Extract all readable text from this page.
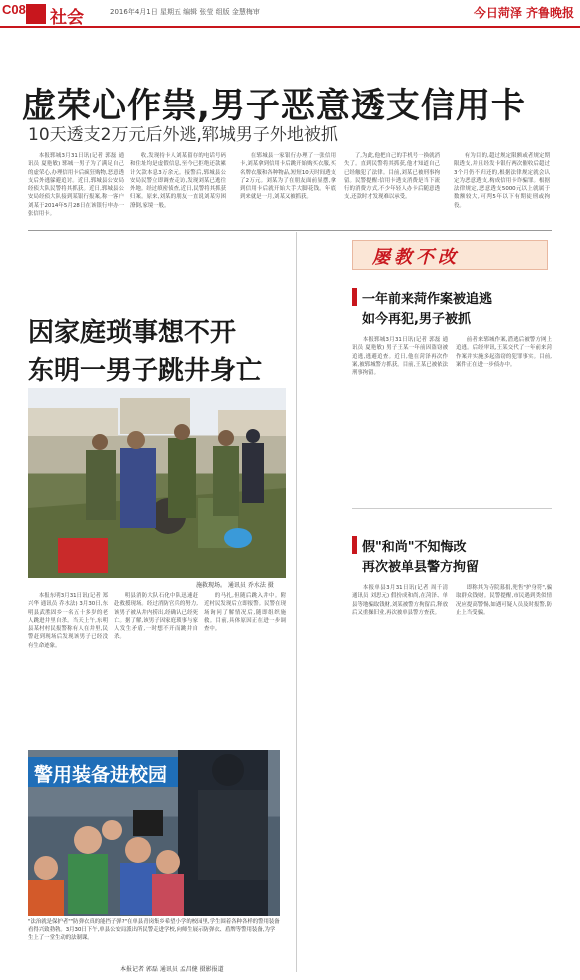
C08 社会	2016年4月1日 星期五 编辑 张莹 组版 金慧梅审	今日菏泽 齐鲁晚报
虚荣心作祟,男子恶意透支信用卡
10天透支2万元后外逃,郓城男子外地被抓

本报郓城3月31日讯(记者 郭磊 通讯员 夏艳敏) 郓城一男子为了满足自己的虚荣心,办理信用卡后疯狂购物,恶意透支后外逃躲避追讨。近日,郓城县公安局经侦大队民警将其抓获。近日,郓城县公安局经侦大队接到某银行报案,称一客户刘某于2014年5月28日在该银行申办一张信用卡。

收,发现持卡人刘某留存的电话号码和住址均是虚假信息,至今已拒绝还款累计欠款本息3万余元。接警后,郓城县公安局民警立即调查走访,发现刘某已逃往外地。经过缜密侦查,近日,民警将其抓获归案。原来,刘某的朋友一直说刘某穷困潦倒,家境一般。

在郓城县一家银行办理了一张信用卡,刘某拿到信用卡后跳开始购买衣服,买名牌衣服和各种物品,短短10天时间透支了2万元。刘某为了在朋友面前显摆,拿到信用卡后就开始大手大脚花钱。年底到来就是一月,刘某又被抓获。

了,为此,他把自己的手机号一换就消失了。直到民警将其抓获,他才知道自己已经触犯了法律。目前,刘某已被刑事拘留。民警提醒:信用卡透支消费是当下流行的消费方式,不少年轻人办卡后随意透支,还款时才发现难以承受。

有为目的,超过规定限额或者规定期限透支,并且经发卡银行两次催收后超过3个月仍不归还的,根据法律规定就会认定为恶意透支,构成信用卡诈骗罪。根据法律规定,恶意透支5000元以上就属于数额较大,可判5年以下有期徒刑或拘役。

因家庭琐事想不开
东明一男子跳井身亡
施救现场。 通讯员 乔水法 摄

本报东明3月31日讯(记者 郑兴华 通讯员 乔水法) 3月30日,东明县武胜固乡一名五十多岁的老人跳进井里自杀。当天上午,东明县某村村民报警称有人在井里,民警赶到现场后发现该男子已经没有生命迹象。

明县消防大队石化中队迅速赶赴救援现场。经过消防官兵的努力,该男子被从井内捞出,经确认已经死亡。据了解,该男子因家庭琐事与家人发生矛盾,一时想不开而跳井自杀。

的马扎,但随后跳入井中。附近村民发现后立即报警。民警在现场询问了解情况后,随即组织施救。目前,具体原因正在进一步调查中。

屡教不改
一年前来菏作案被追逃
如今再犯,男子被抓

本报郓城3月31日讯(记者 郭磊 通讯员 夏艳敏) 男子王某一年前因盗窃被追逃,逃避追查。近日,他在菏泽再次作案,被郓城警方抓获。目前,王某已被依法刑事拘留。

前者来郓城作案,潜逃后被警方网上追逃。后经审讯,王某交代了一年前来菏作案并实施多起盗窃的犯罪事实。目前,案件正在进一步侦办中。

假"和尚"不知悔改
再次被单县警方拘留

本报单县3月31日讯(记者 周千清 通讯员 刘思元) 假扮成和尚,在菏泽、单县等地骗取钱财,刘某被警方拘留后,释放后又重操旧业,再次被单县警方查获。

即称其为寺院募捐,兜售"护身符",骗取群众钱财。民警提醒,市民遇到类似情况应提高警惕,如遇可疑人员及时报警,防止上当受骗。

警用装备进校园
"法治就是保护者""防弹衣真的能挡子弹?"在单县青岗集乡希望小学的校园里,学生围着各种各样的警用装备看得兴致勃勃。3月30日下午,单县公安局派出所民警走进学校,向师生展示防弹衣、盾牌等警用装备,为学生上了一堂生动的法制课。
本报记者 郭磊 通讯员 孟昌健 摄影报道
